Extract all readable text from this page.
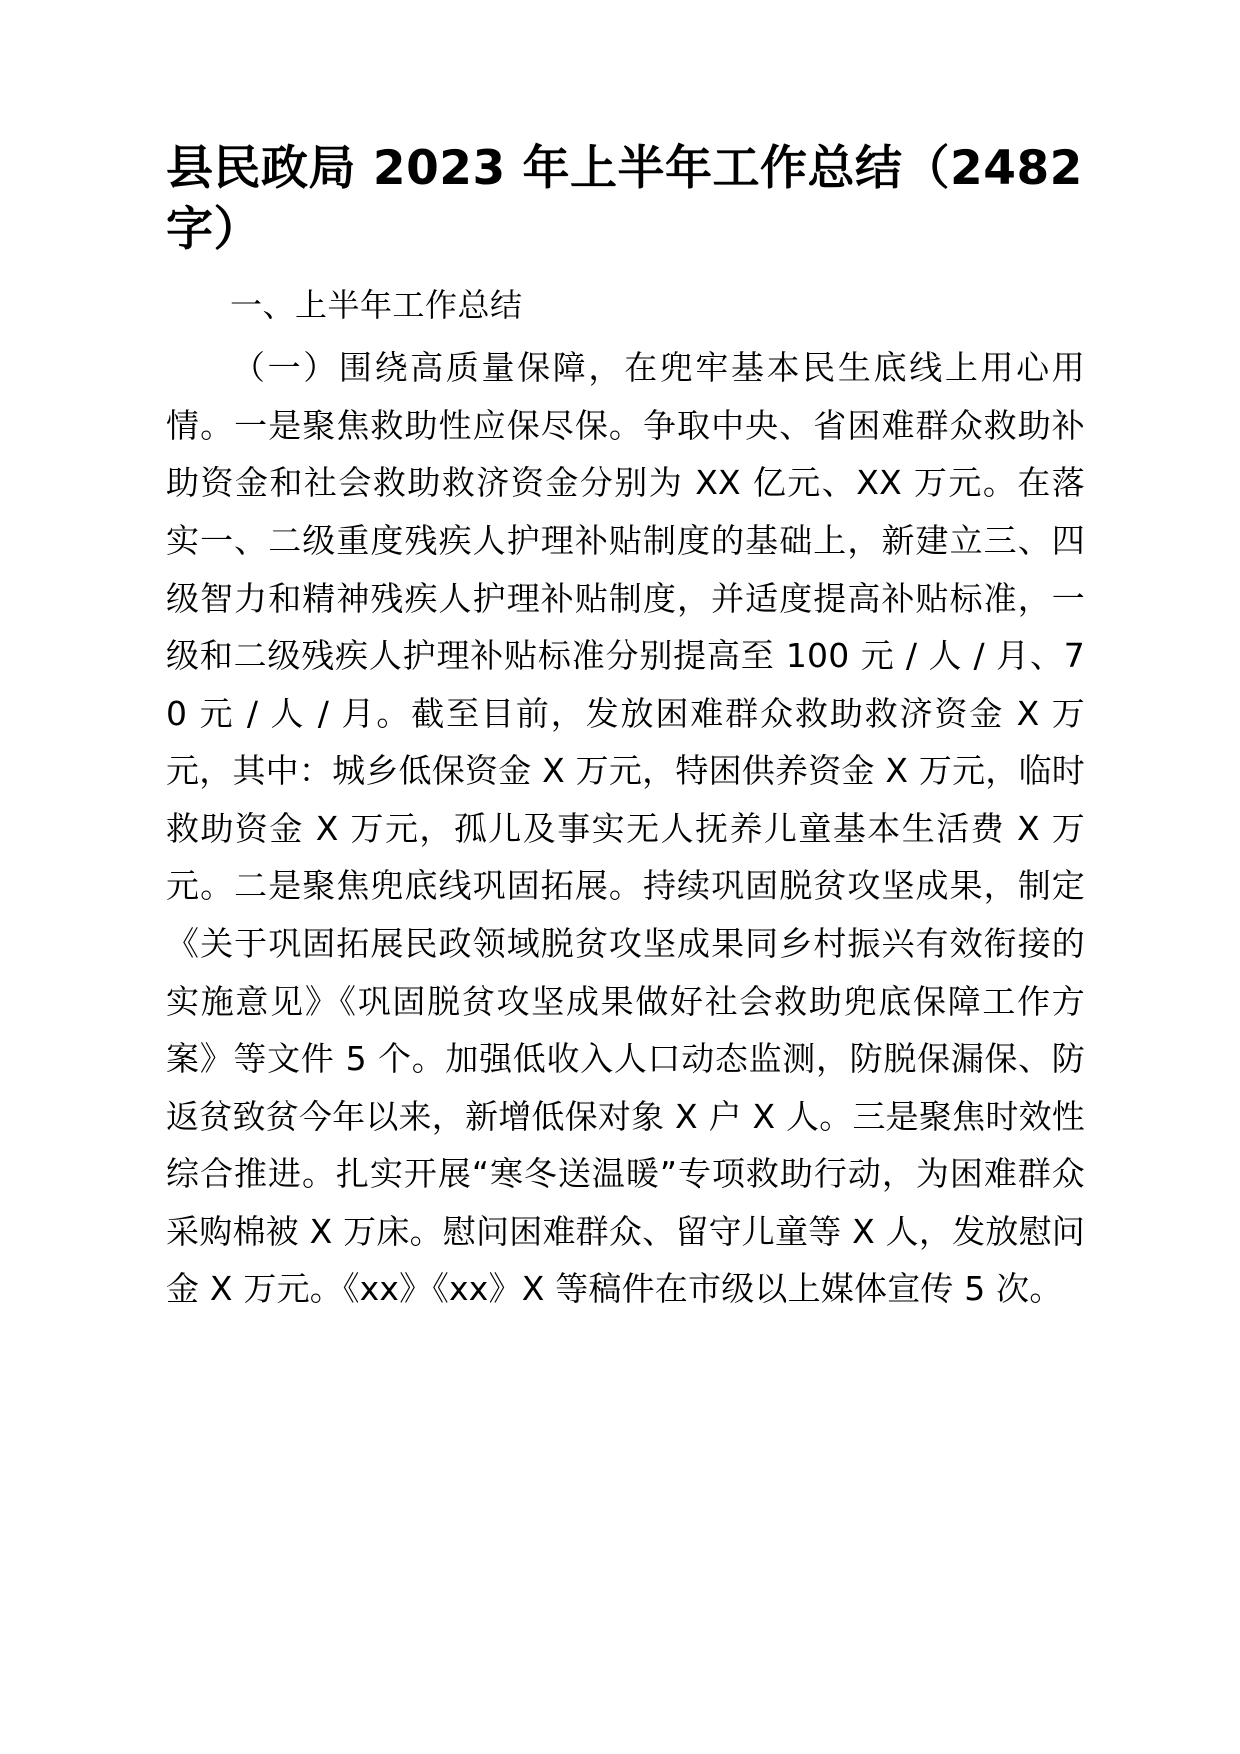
县民政局 2023 年上半年工作总结（2482字）

一、上半年工作总结

（一）围绕高质量保障，在兜牢基本民生底线上用心用情。一是聚焦救助性应保尽保。争取中央、省困难群众救助补助资金和社会救助救济资金分别为 XX 亿元、XX 万元。在落实一、二级重度残疾人护理补贴制度的基础上，新建立三、四级智力和精神残疾人护理补贴制度，并适度提高补贴标准，一级和二级残疾人护理补贴标准分别提高至 100 元 / 人 / 月、70 元 / 人 / 月。截至目前，发放困难群众救助救济资金 X 万元，其中：城乡低保资金 X 万元，特困供养资金 X 万元，临时救助资金 X 万元，孤儿及事实无人抚养儿童基本生活费 X 万元。二是聚焦兜底线巩固拓展。持续巩固脱贫攻坚成果，制定《关于巩固拓展民政领域脱贫攻坚成果同乡村振兴有效衔接的实施意见》《巩固脱贫攻坚成果做好社会救助兜底保障工作方案》等文件 5 个。加强低收入人口动态监测，防脱保漏保、防返贫致贫今年以来，新增低保对象 X 户 X 人。三是聚焦时效性综合推进。扎实开展“寒冬送温暖”专项救助行动，为困难群众采购棉被 X 万床。慰问困难群众、留守儿童等 X 人，发放慰问金 X 万元。《xx》《xx》X 等稿件在市级以上媒体宣传 5 次。
